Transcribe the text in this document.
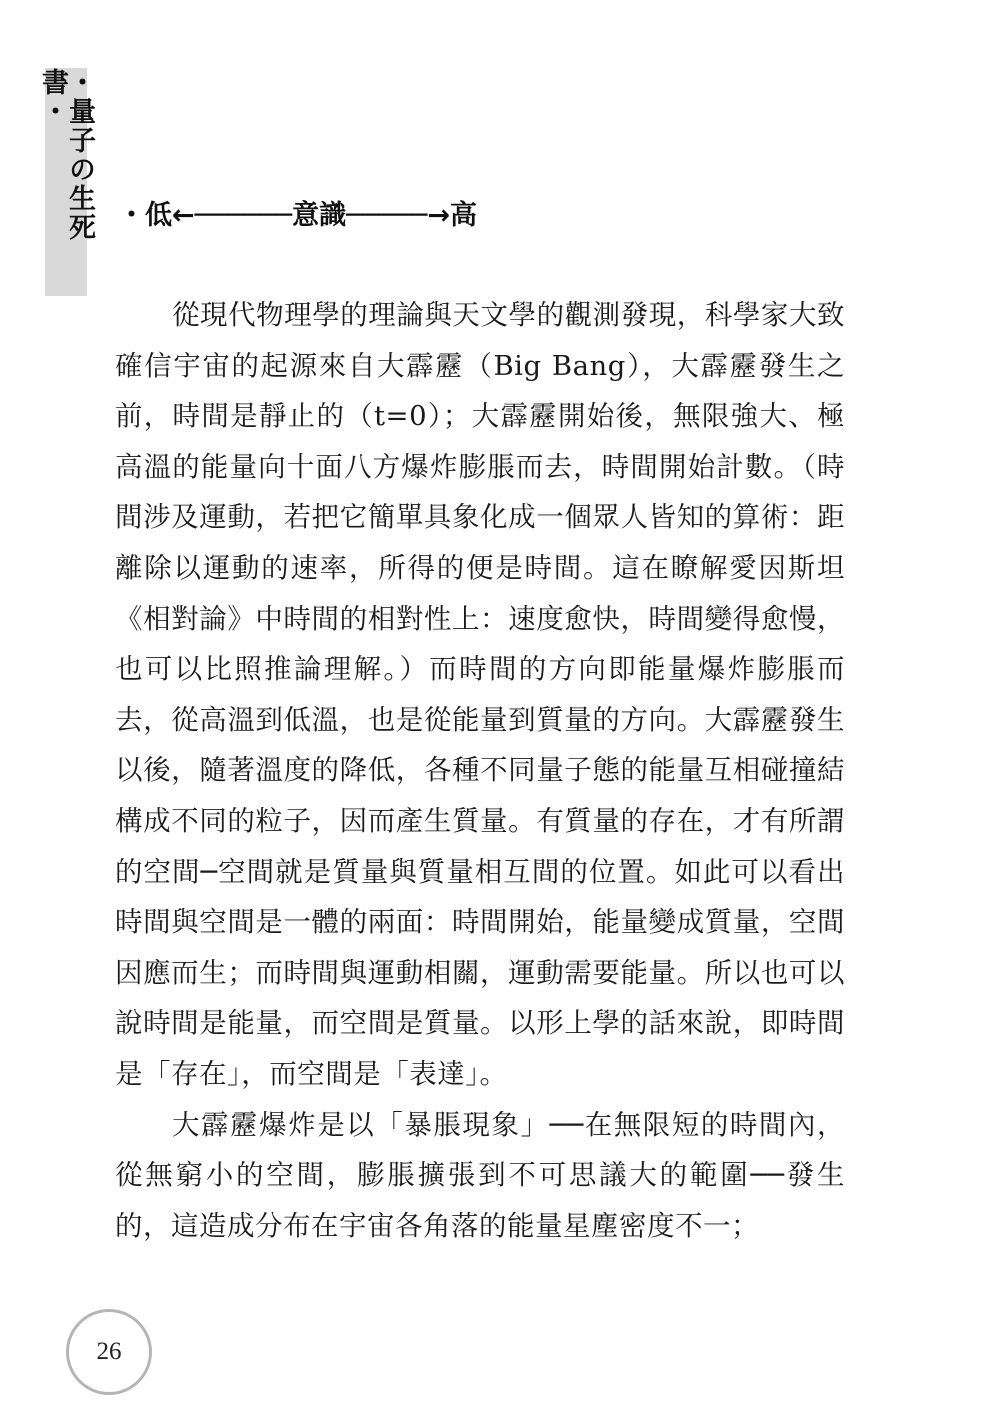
・量子の生死書・
・低←──────意識─────→高

從現代物理學的理論與天文學的觀測發現，科學家大致確信宇宙的起源來自大霹靂（Big Bang），大霹靂發生之前，時間是靜止的（t=0）；大霹靂開始後，無限強大、極高溫的能量向十面八方爆炸膨脹而去，時間開始計數。（時間涉及運動，若把它簡單具象化成一個眾人皆知的算術：距離除以運動的速率，所得的便是時間。這在瞭解愛因斯坦《相對論》中時間的相對性上：速度愈快，時間變得愈慢，也可以比照推論理解。）而時間的方向即能量爆炸膨脹而去，從高溫到低溫，也是從能量到質量的方向。大霹靂發生以後，隨著溫度的降低，各種不同量子態的能量互相碰撞結構成不同的粒子，因而產生質量。有質量的存在，才有所謂的空間─空間就是質量與質量相互間的位置。如此可以看出時間與空間是一體的兩面：時間開始，能量變成質量，空間因應而生；而時間與運動相關，運動需要能量。所以也可以說時間是能量，而空間是質量。以形上學的話來說，即時間是「存在」，而空間是「表達」。

大霹靂爆炸是以「暴脹現象」──在無限短的時間內，從無窮小的空間，膨脹擴張到不可思議大的範圍──發生的，這造成分布在宇宙各角落的能量星塵密度不一；

26
